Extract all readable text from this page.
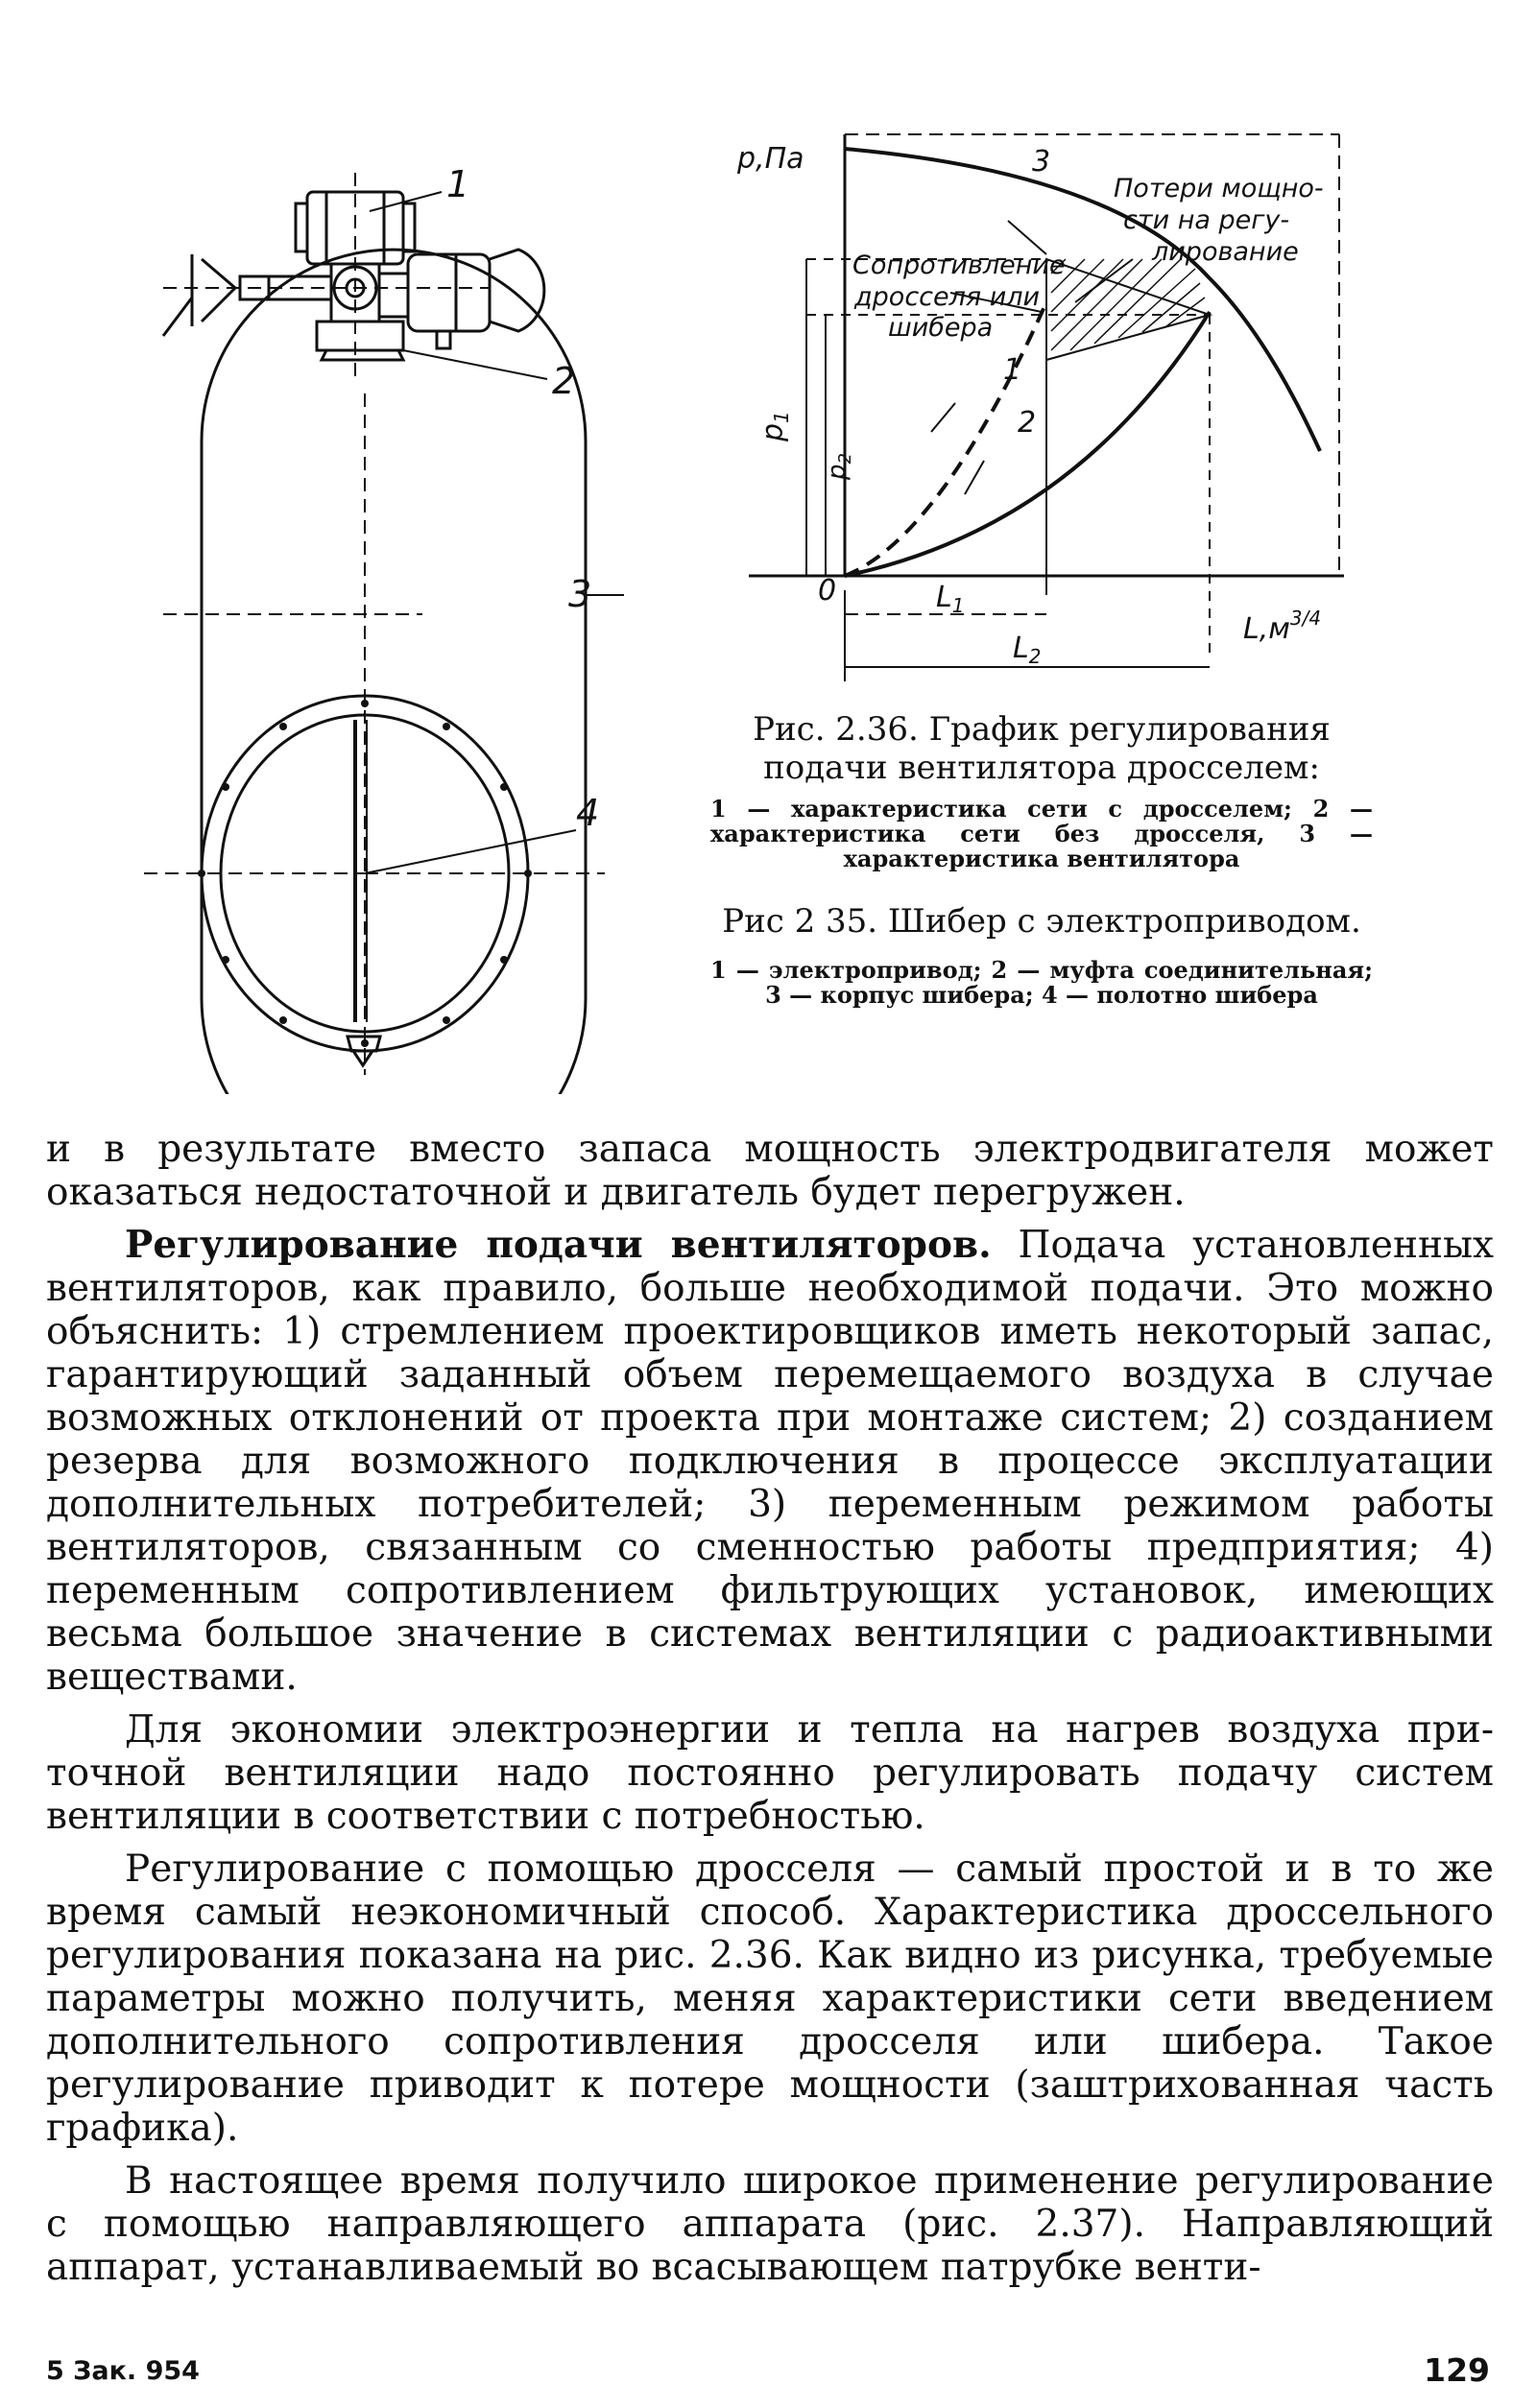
1
2
3
4
p,Па
0
$L,м^{3/4}$
$p_1$
$p_2$
$L_1$
$L_2$
3
1
2
Потери мощно-
сти на регу-
лирование
Сопротивление
дросселя или
шибера
Рис. 2.36. График регулирования подачи вентилятора дросселем:
1 — характеристика сети с дросселем; 2 — характеристика сети без дросселя, 3 — характеристика вентилятора
Рис 2 35. Шибер с электроприводом.
1 — электропривод; 2 — муфта соединительная; 3 — корпус шибера; 4 — полотно шибера

и в результате вместо запаса мощность электродвигателя может оказаться недостаточной и двигатель будет перегружен.

Регулирование подачи вентиляторов. Подача установленных вентиляторов, как правило, больше необходимой подачи. Это можно объяснить: 1) стремлением проектировщиков иметь некоторый запас, гарантирующий заданный объем перемещаемого воздуха в случае возможных отклонений от проекта при монтаже систем; 2) созданием резерва для возможного подключения в процессе эксплуатации дополнительных потребителей; 3) переменным режимом работы вентиляторов, связанным со сменностью работы предприятия; 4) переменным сопротивлением фильтрующих установок, имеющих весьма большое значение в системах вентиляции с радиоактивными веществами.

Для экономии электроэнергии и тепла на нагрев воздуха приточной вентиляции надо постоянно регулировать подачу систем вентиляции в соответствии с потребностью.

Регулирование с помощью дросселя — самый простой и в то же время самый неэкономичный способ. Характеристика дроссельного регулирования показана на рис. 2.36. Как видно из рисунка, требуемые параметры можно получить, меняя характеристики сети введением дополнительного сопротивления дросселя или шибера. Такое регулирование приводит к потере мощности (заштрихованная часть графика).

В настоящее время получило широкое применение регулирование с помощью направляющего аппарата (рис. 2.37). Направляющий аппарат, устанавливаемый во всасывающем патрубке венти-

5 Зак. 954	129
